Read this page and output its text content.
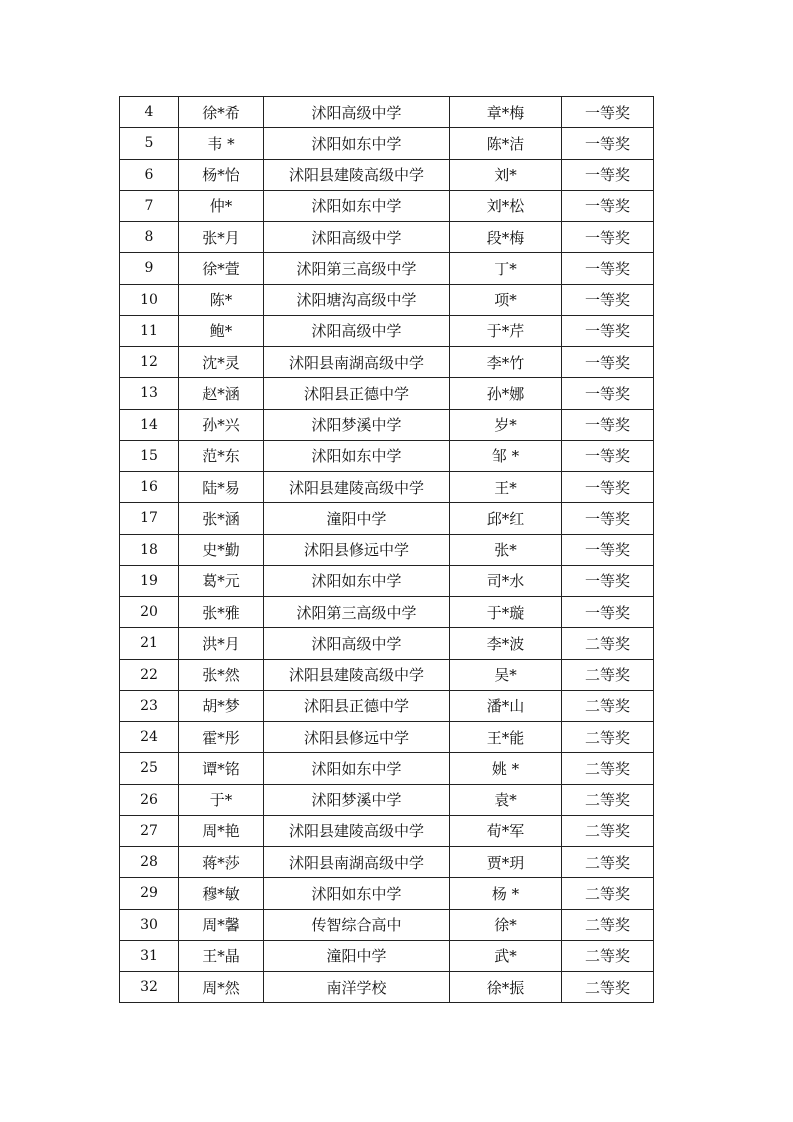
4	徐*希	沭阳高级中学	章*梅	一等奖
5	韦 *	沭阳如东中学	陈*洁	一等奖
6	杨*怡	沭阳县建陵高级中学	刘*	一等奖
7	仲*	沭阳如东中学	刘*松	一等奖
8	张*月	沭阳高级中学	段*梅	一等奖
9	徐*萱	沭阳第三高级中学	丁*	一等奖
10	陈*	沭阳塘沟高级中学	项*	一等奖
11	鲍*	沭阳高级中学	于*芹	一等奖
12	沈*灵	沭阳县南湖高级中学	李*竹	一等奖
13	赵*涵	沭阳县正德中学	孙*娜	一等奖
14	孙*兴	沭阳梦溪中学	岁*	一等奖
15	范*东	沭阳如东中学	邹 *	一等奖
16	陆*易	沭阳县建陵高级中学	王*	一等奖
17	张*涵	潼阳中学	邱*红	一等奖
18	史*勤	沭阳县修远中学	张*	一等奖
19	葛*元	沭阳如东中学	司*水	一等奖
20	张*雅	沭阳第三高级中学	于*璇	一等奖
21	洪*月	沭阳高级中学	李*波	二等奖
22	张*然	沭阳县建陵高级中学	吴*	二等奖
23	胡*梦	沭阳县正德中学	潘*山	二等奖
24	霍*彤	沭阳县修远中学	王*能	二等奖
25	谭*铭	沭阳如东中学	姚 *	二等奖
26	于*	沭阳梦溪中学	袁*	二等奖
27	周*艳	沭阳县建陵高级中学	荀*军	二等奖
28	蒋*莎	沭阳县南湖高级中学	贾*玥	二等奖
29	穆*敏	沭阳如东中学	杨 *	二等奖
30	周*馨	传智综合高中	徐*	二等奖
31	王*晶	潼阳中学	武*	二等奖
32	周*然	南洋学校	徐*振	二等奖
